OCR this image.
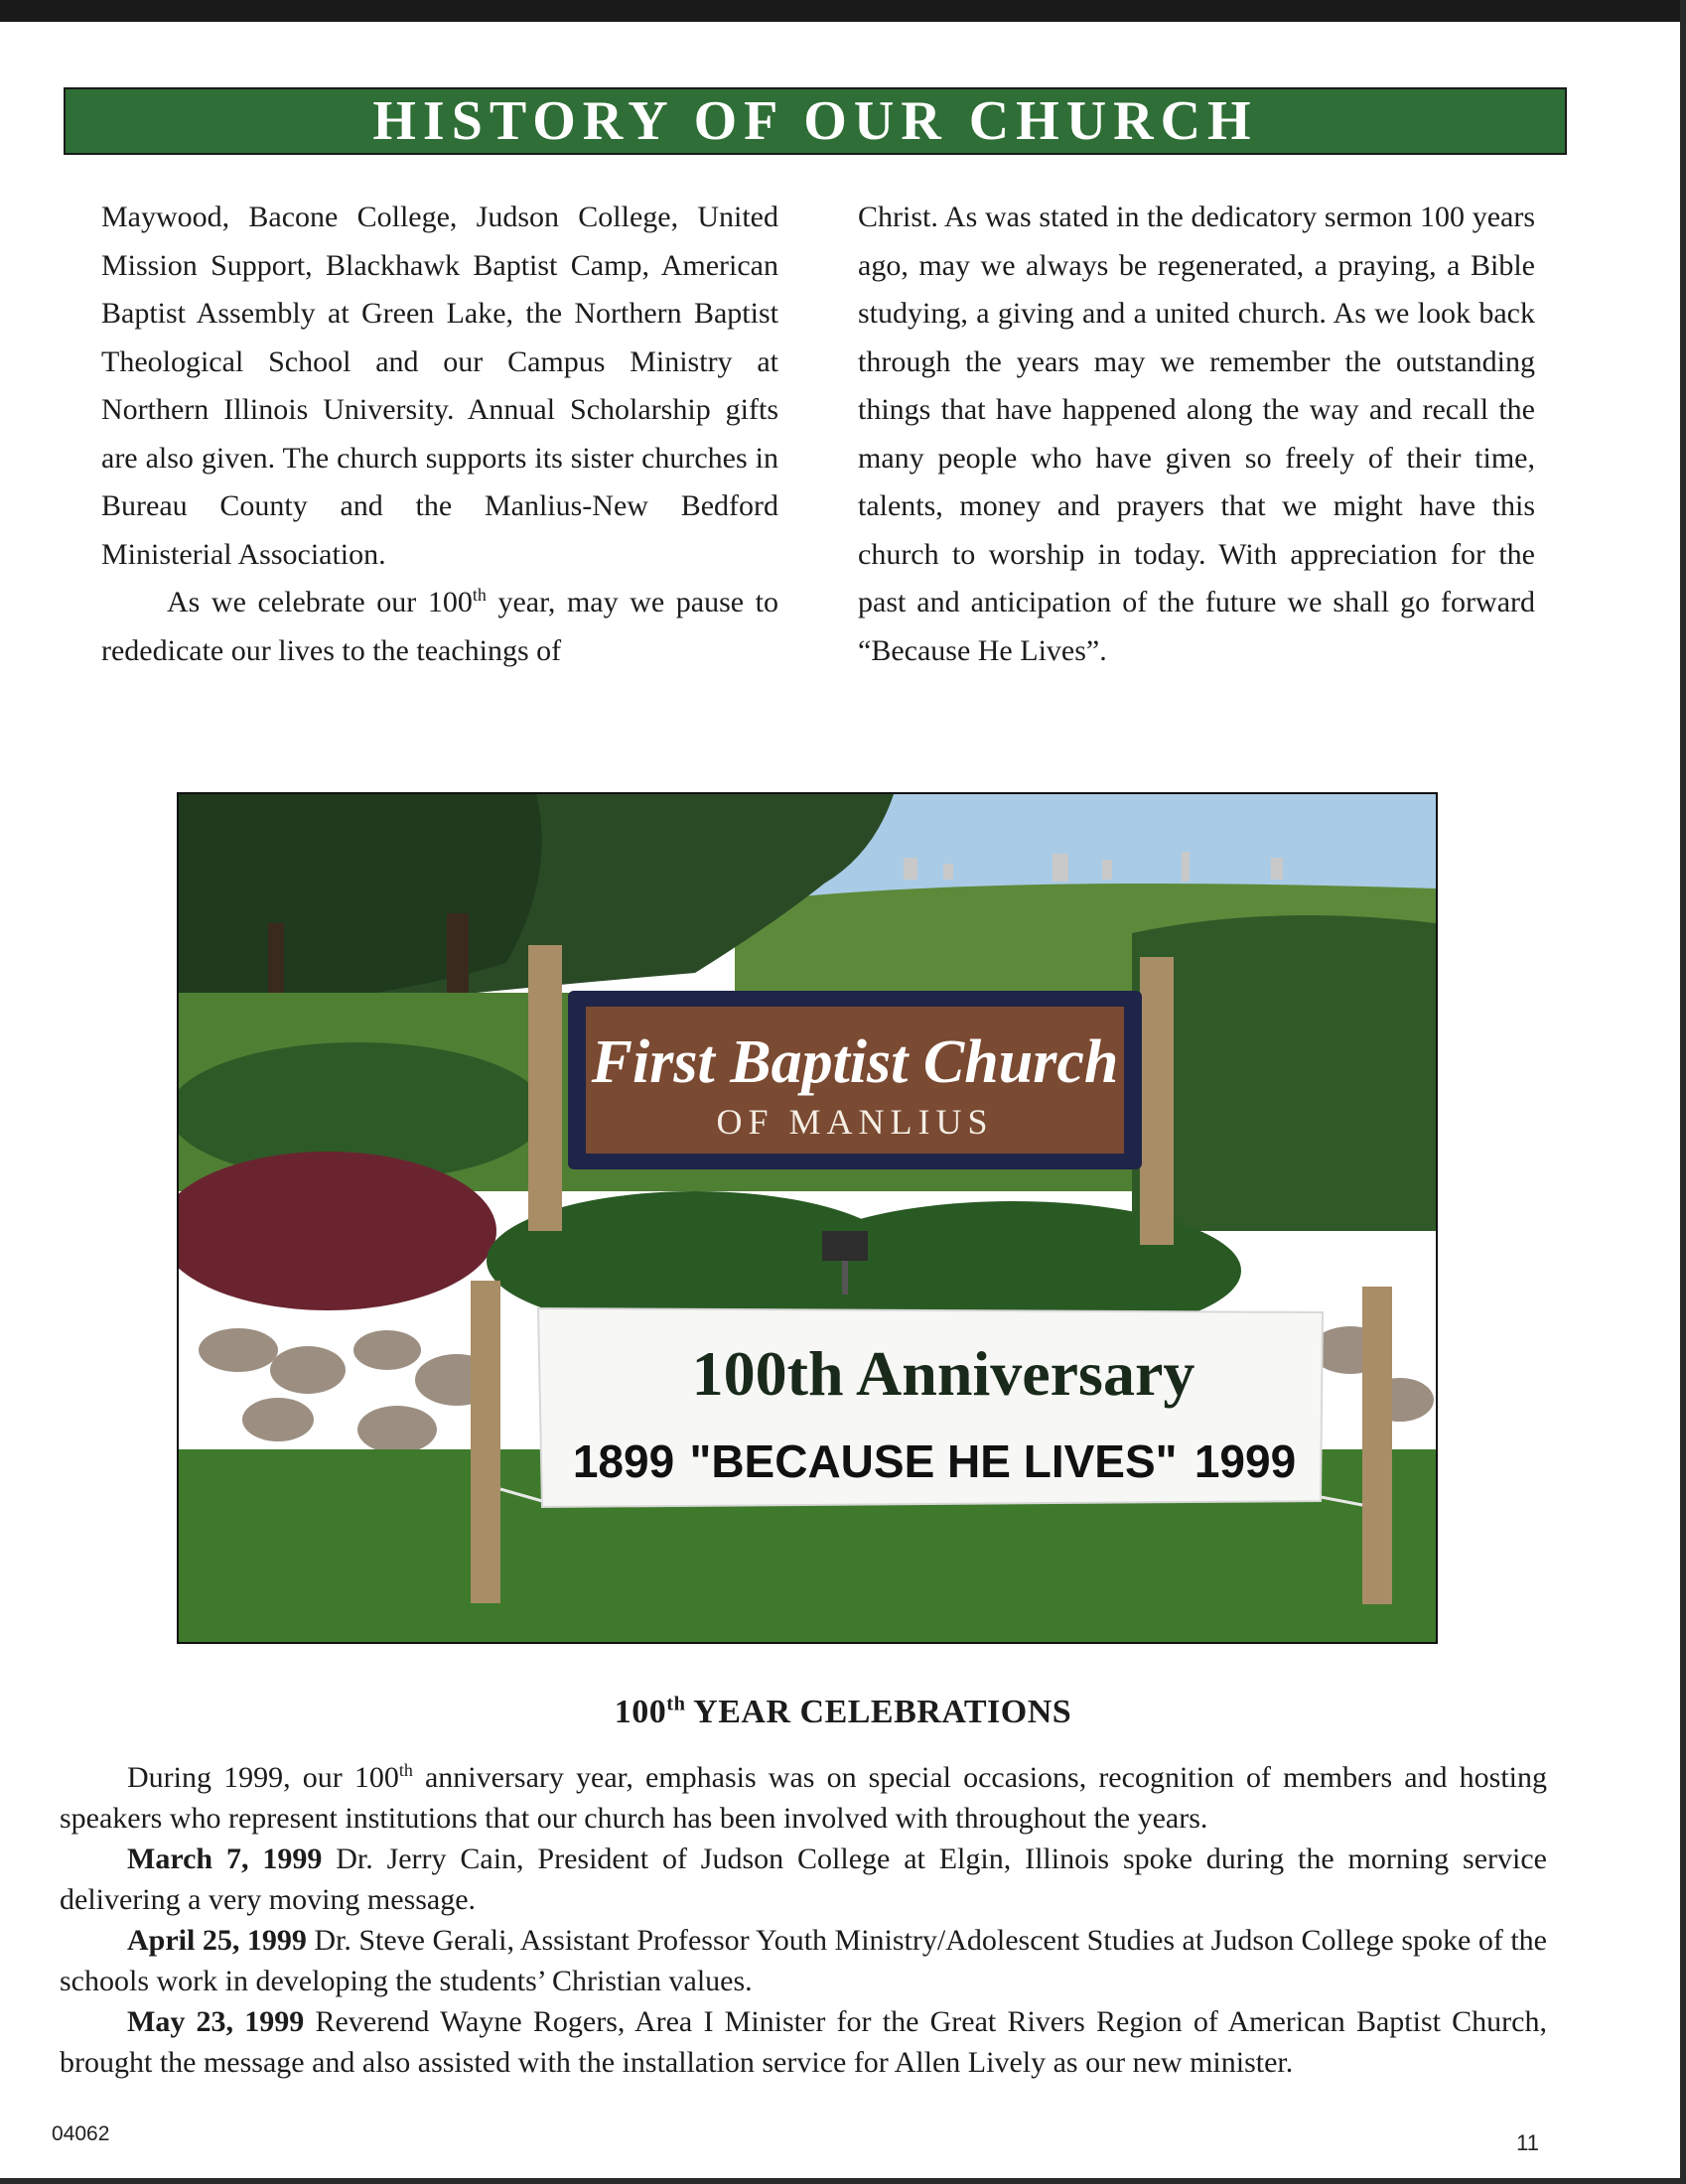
HISTORY OF OUR CHURCH

Maywood, Bacone College, Judson College, United Mission Support, Blackhawk Baptist Camp, American Baptist Assembly at Green Lake, the Northern Baptist Theological School and our Campus Ministry at Northern Illinois University. Annual Scholarship gifts are also given. The church supports its sister churches in Bureau County and the Manlius-New Bedford Ministerial Association.

As we celebrate our 100th year, may we pause to rededicate our lives to the teachings of

Christ. As was stated in the dedicatory sermon 100 years ago, may we always be regenerated, a praying, a Bible studying, a giving and a united church. As we look back through the years may we remember the outstanding things that have happened along the way and recall the many people who have given so freely of their time, talents, money and prayers that we might have this church to worship in today. With appreciation for the past and anticipation of the future we shall go forward “Because He Lives”.

First Baptist Church
OF MANLIUS
100th Anniversary
1899 "BECAUSE HE LIVES" 1999
100th YEAR CELEBRATIONS

During 1999, our 100th anniversary year, emphasis was on special occasions, recognition of members and hosting speakers who represent institutions that our church has been involved with throughout the years.

March 7, 1999 Dr. Jerry Cain, President of Judson College at Elgin, Illinois spoke during the morning service delivering a very moving message.

April 25, 1999 Dr. Steve Gerali, Assistant Professor Youth Ministry/Adolescent Studies at Judson College spoke of the schools work in developing the students’ Christian values.

May 23, 1999 Reverend Wayne Rogers, Area I Minister for the Great Rivers Region of American Baptist Church, brought the message and also assisted with the installation service for Allen Lively as our new minister.

04062	11
